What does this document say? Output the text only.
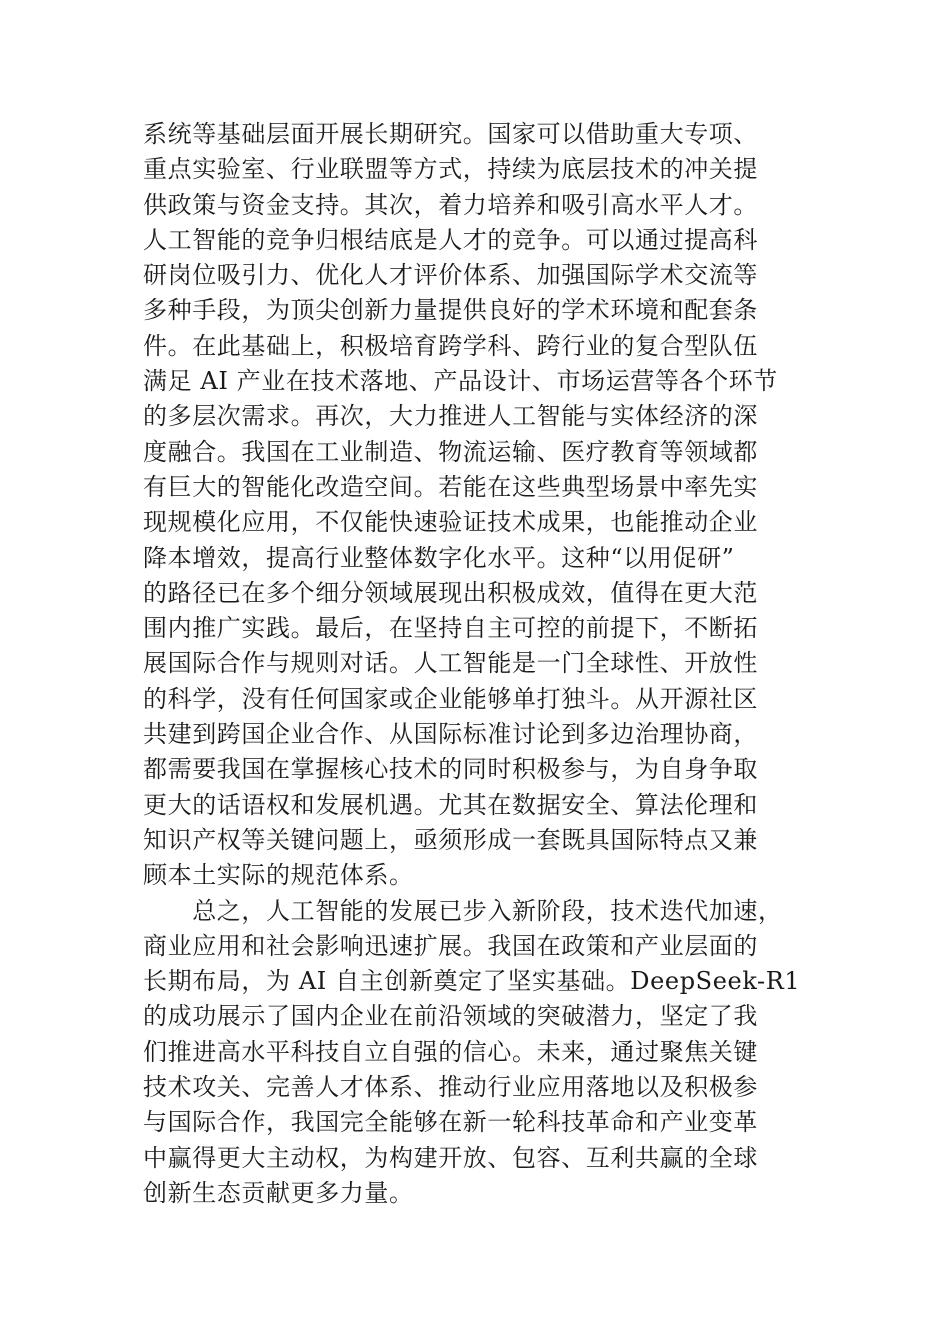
系统等基础层面开展长期研究。国家可以借助重大专项、
重点实验室、行业联盟等方式，持续为底层技术的冲关提
供政策与资金支持。其次，着力培养和吸引高水平人才。
人工智能的竞争归根结底是人才的竞争。可以通过提高科
研岗位吸引力、优化人才评价体系、加强国际学术交流等
多种手段，为顶尖创新力量提供良好的学术环境和配套条
件。在此基础上，积极培育跨学科、跨行业的复合型队伍
满足 AI 产业在技术落地、产品设计、市场运营等各个环节
的多层次需求。再次，大力推进人工智能与实体经济的深
度融合。我国在工业制造、物流运输、医疗教育等领域都
有巨大的智能化改造空间。若能在这些典型场景中率先实
现规模化应用，不仅能快速验证技术成果，也能推动企业
降本增效，提高行业整体数字化水平。这种“以用促研”
的路径已在多个细分领域展现出积极成效，值得在更大范
围内推广实践。最后，在坚持自主可控的前提下，不断拓
展国际合作与规则对话。人工智能是一门全球性、开放性
的科学，没有任何国家或企业能够单打独斗。从开源社区
共建到跨国企业合作、从国际标准讨论到多边治理协商，
都需要我国在掌握核心技术的同时积极参与，为自身争取
更大的话语权和发展机遇。尤其在数据安全、算法伦理和
知识产权等关键问题上，亟须形成一套既具国际特点又兼
顾本土实际的规范体系。
　　总之，人工智能的发展已步入新阶段，技术迭代加速，
商业应用和社会影响迅速扩展。我国在政策和产业层面的
长期布局，为 AI 自主创新奠定了坚实基础。DeepSeek-R1
的成功展示了国内企业在前沿领域的突破潜力，坚定了我
们推进高水平科技自立自强的信心。未来，通过聚焦关键
技术攻关、完善人才体系、推动行业应用落地以及积极参
与国际合作，我国完全能够在新一轮科技革命和产业变革
中赢得更大主动权，为构建开放、包容、互利共赢的全球
创新生态贡献更多力量。
